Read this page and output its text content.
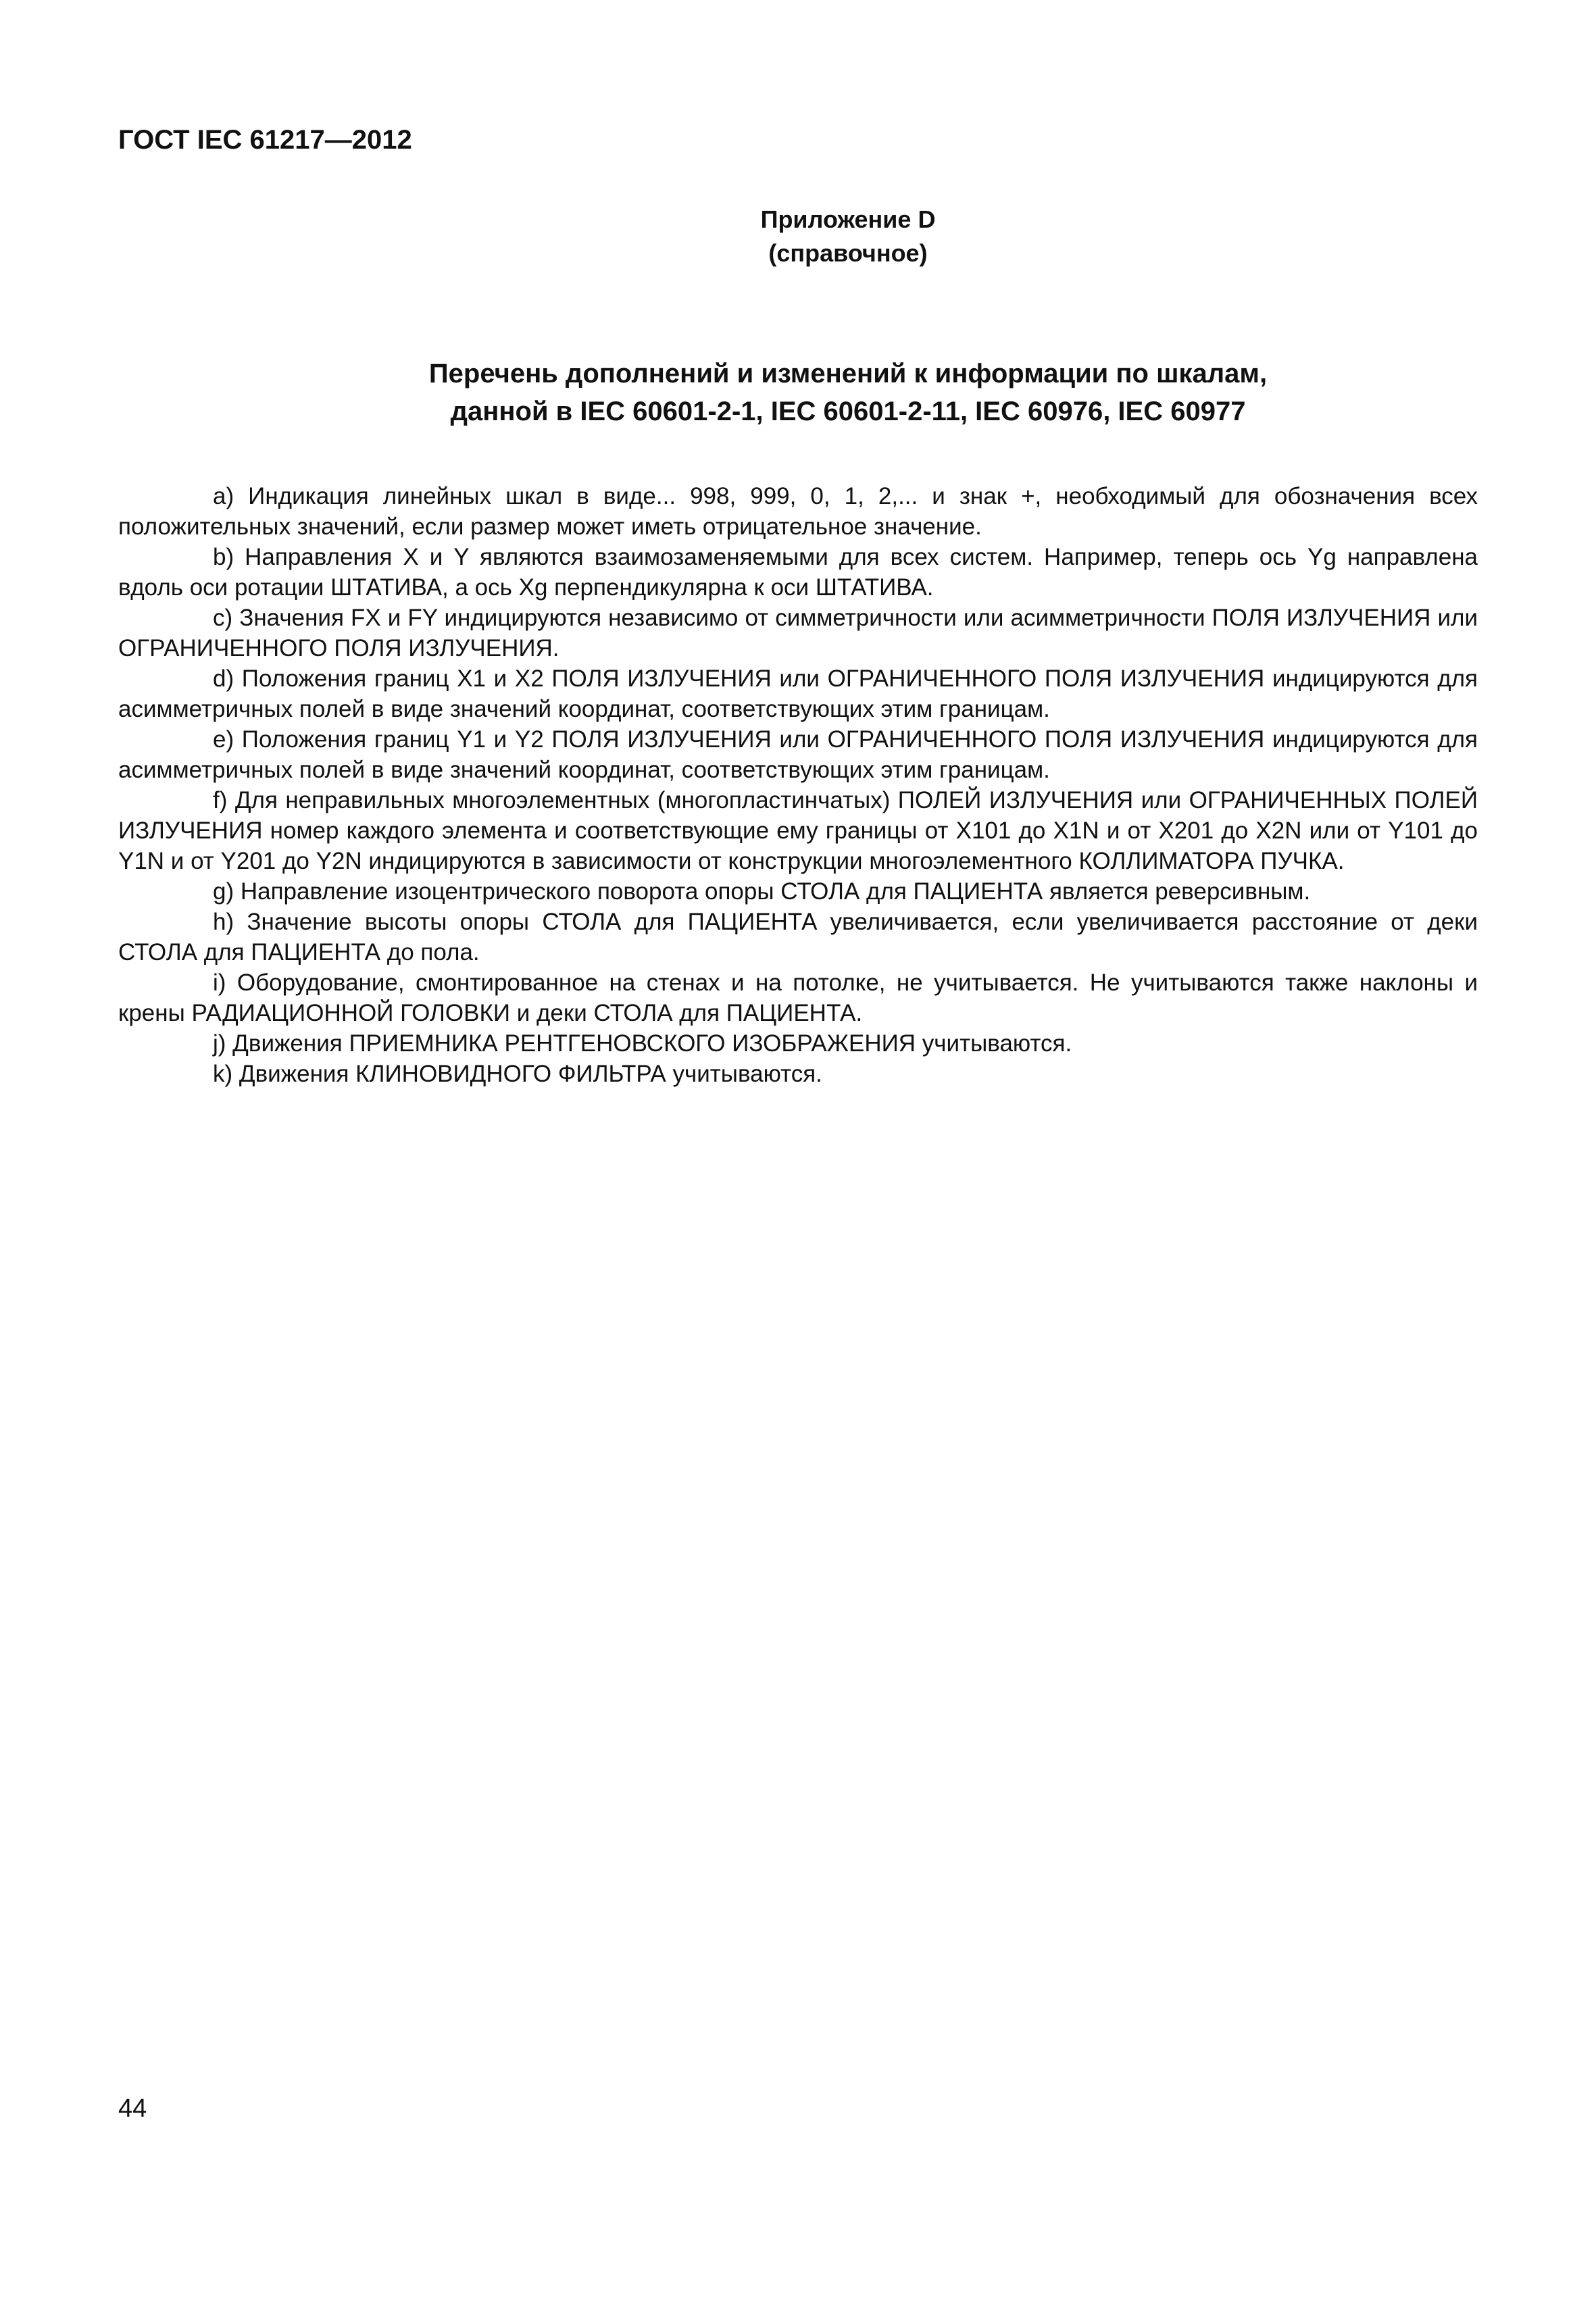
ГОСТ IEC 61217—2012
Приложение D
(справочное)
Перечень дополнений и изменений к информации по шкалам,
данной в IEC 60601-2-1, IEC 60601-2-11, IEC 60976, IEC 60977

a) Индикация линейных шкал в виде... 998, 999, 0, 1, 2,... и знак +, необходимый для обозначения всех положительных значений, если размер может иметь отрицательное значение.

b) Направления X и Y являются взаимозаменяемыми для всех систем. Например, теперь ось Yg направлена вдоль оси ротации ШТАТИВА, а ось Xg перпендикулярна к оси ШТАТИВА.

c) Значения FX и FY индицируются независимо от симметричности или асимметричности ПОЛЯ ИЗЛУЧЕНИЯ или ОГРАНИЧЕННОГО ПОЛЯ ИЗЛУЧЕНИЯ.

d) Положения границ X1 и X2 ПОЛЯ ИЗЛУЧЕНИЯ или ОГРАНИЧЕННОГО ПОЛЯ ИЗЛУЧЕНИЯ индицируются для асимметричных полей в виде значений координат, соответствующих этим границам.

e) Положения границ Y1 и Y2 ПОЛЯ ИЗЛУЧЕНИЯ или ОГРАНИЧЕННОГО ПОЛЯ ИЗЛУЧЕНИЯ индицируются для асимметричных полей в виде значений координат, соответствующих этим границам.

f) Для неправильных многоэлементных (многопластинчатых) ПОЛЕЙ ИЗЛУЧЕНИЯ или ОГРАНИЧЕННЫХ ПОЛЕЙ ИЗЛУЧЕНИЯ номер каждого элемента и соответствующие ему границы от X101 до X1N и от X201 до X2N или от Y101 до Y1N и от Y201 до Y2N индицируются в зависимости от конструкции многоэлементного КОЛЛИМАТОРА ПУЧКА.

g) Направление изоцентрического поворота опоры СТОЛА для ПАЦИЕНТА является реверсивным.

h) Значение высоты опоры СТОЛА для ПАЦИЕНТА увеличивается, если увеличивается расстояние от деки СТОЛА для ПАЦИЕНТА до пола.

i) Оборудование, смонтированное на стенах и на потолке, не учитывается. Не учитываются также наклоны и крены РАДИАЦИОННОЙ ГОЛОВКИ и деки СТОЛА для ПАЦИЕНТА.

j) Движения ПРИЕМНИКА РЕНТГЕНОВСКОГО ИЗОБРАЖЕНИЯ учитываются.

k) Движения КЛИНОВИДНОГО ФИЛЬТРА учитываются.

44
